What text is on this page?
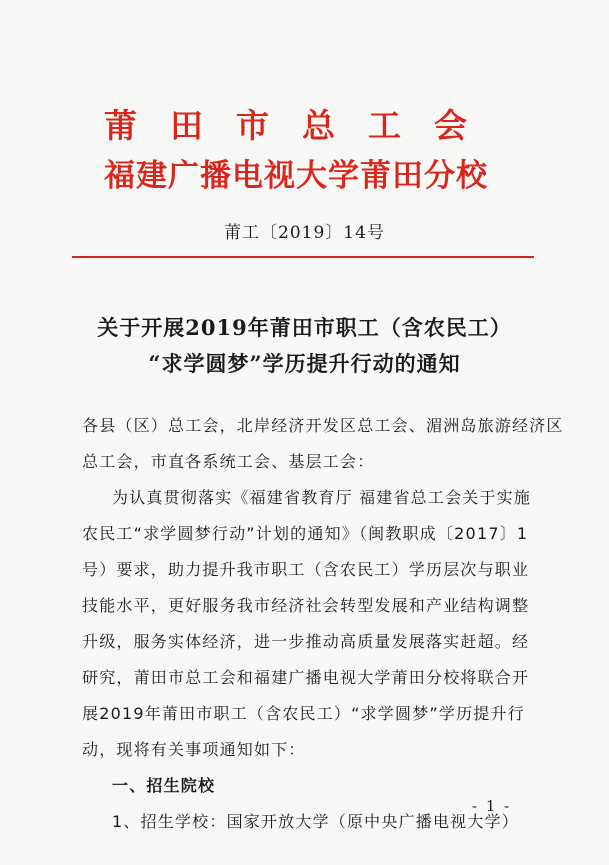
莆田市总工会
福建广播电视大学莆田分校
莆工〔2019〕14号
关于开展2019年莆田市职工（含农民工）
“求学圆梦”学历提升行动的通知
各县（区）总工会，北岸经济开发区总工会、湄洲岛旅游经济区
总工会，市直各系统工会、基层工会：
为认真贯彻落实《福建省教育厅 福建省总工会关于实施
农民工“求学圆梦行动”计划的通知》（闽教职成〔2017〕1
号）要求，助力提升我市职工（含农民工）学历层次与职业
技能水平，更好服务我市经济社会转型发展和产业结构调整
升级，服务实体经济，进一步推动高质量发展落实赶超。经
研究，莆田市总工会和福建广播电视大学莆田分校将联合开
展2019年莆田市职工（含农民工）“求学圆梦”学历提升行
动，现将有关事项通知如下：
一、招生院校
1、招生学校：国家开放大学（原中央广播电视大学）
- 1 -
